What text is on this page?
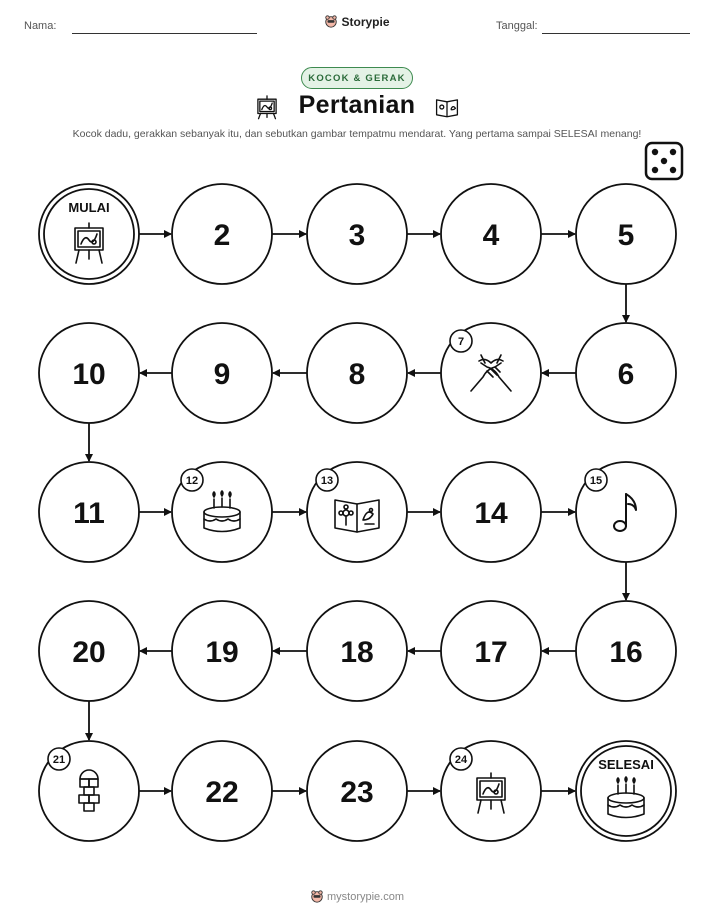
Nama:	Storypie	Tanggal:
KOCOK & GERAK
Pertanian
Kocok dadu, gerakkan sebanyak itu, dan sebutkan gambar tempatmu mendarat. Yang pertama sampai SELESAI menang!
MULAI
2	3	4	5
6
7
8
9
10
11
12	13
14
15
16
17
18
19
20
21
22	23
24	SELESAI
mystorypie.com
